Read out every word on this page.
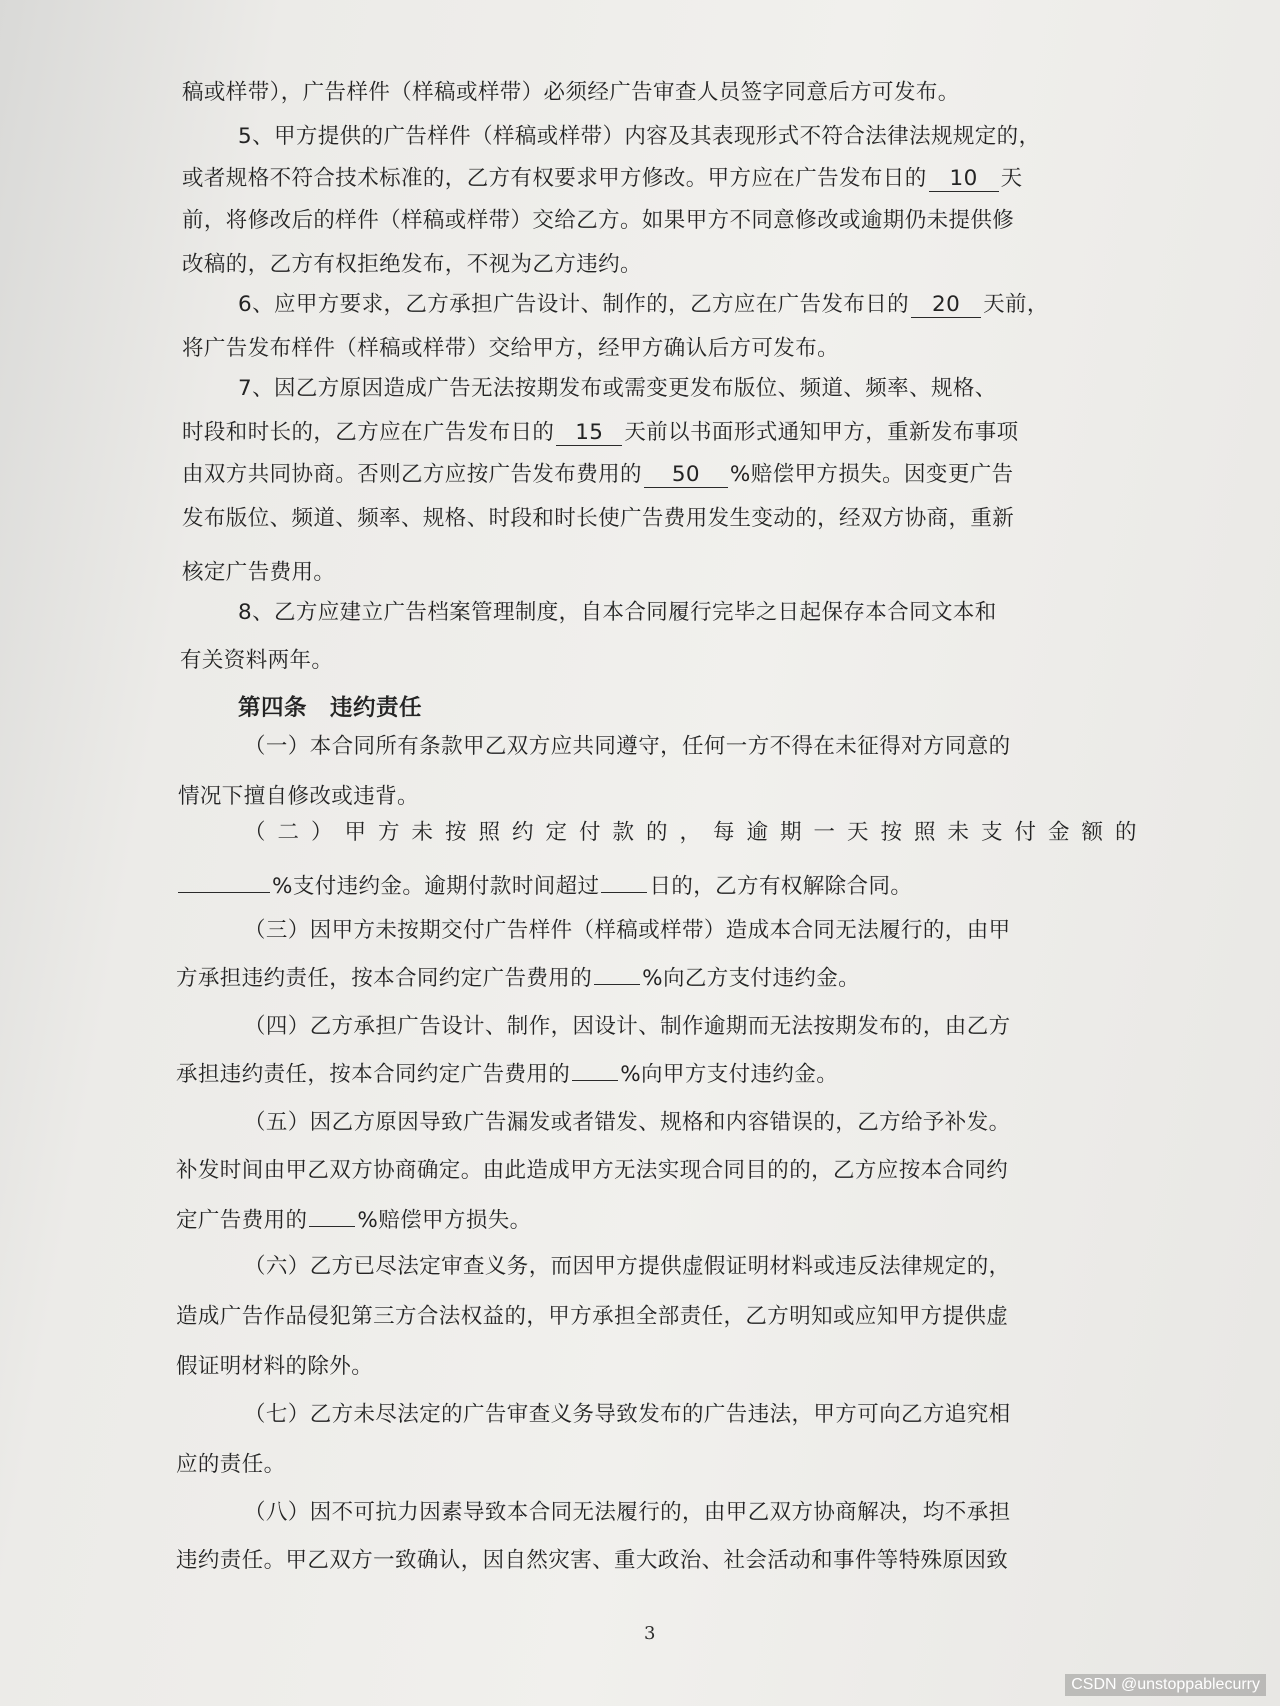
稿或样带），广告样件（样稿或样带）必须经广告审查人员签字同意后方可发布。
5、甲方提供的广告样件（样稿或样带）内容及其表现形式不符合法律法规规定的，
或者规格不符合技术标准的，乙方有权要求甲方修改。甲方应在广告发布日的 10 天
前，将修改后的样件（样稿或样带）交给乙方。如果甲方不同意修改或逾期仍未提供修
改稿的，乙方有权拒绝发布，不视为乙方违约。
6、应甲方要求，乙方承担广告设计、制作的，乙方应在广告发布日的 20 天前，
将广告发布样件（样稿或样带）交给甲方，经甲方确认后方可发布。
7、因乙方原因造成广告无法按期发布或需变更发布版位、频道、频率、规格、
时段和时长的，乙方应在广告发布日的 15 天前以书面形式通知甲方，重新发布事项
由双方共同协商。否则乙方应按广告发布费用的 50 %赔偿甲方损失。因变更广告
发布版位、频道、频率、规格、时段和时长使广告费用发生变动的，经双方协商，重新
核定广告费用。
8、乙方应建立广告档案管理制度，自本合同履行完毕之日起保存本合同文本和
有关资料两年。
第四条　违约责任
（一）本合同所有条款甲乙双方应共同遵守，任何一方不得在未征得对方同意的
情况下擅自修改或违背。
（二）甲方未按照约定付款的，每逾期一天按照未支付金额的
%支付违约金。逾期付款时间超过 日的，乙方有权解除合同。
（三）因甲方未按期交付广告样件（样稿或样带）造成本合同无法履行的，由甲
方承担违约责任，按本合同约定广告费用的 %向乙方支付违约金。
（四）乙方承担广告设计、制作，因设计、制作逾期而无法按期发布的，由乙方
承担违约责任，按本合同约定广告费用的 %向甲方支付违约金。
（五）因乙方原因导致广告漏发或者错发、规格和内容错误的，乙方给予补发。
补发时间由甲乙双方协商确定。由此造成甲方无法实现合同目的的，乙方应按本合同约
定广告费用的 %赔偿甲方损失。
（六）乙方已尽法定审查义务，而因甲方提供虚假证明材料或违反法律规定的，
造成广告作品侵犯第三方合法权益的，甲方承担全部责任，乙方明知或应知甲方提供虚
假证明材料的除外。
（七）乙方未尽法定的广告审查义务导致发布的广告违法，甲方可向乙方追究相
应的责任。
（八）因不可抗力因素导致本合同无法履行的，由甲乙双方协商解决，均不承担
违约责任。甲乙双方一致确认，因自然灾害、重大政治、社会活动和事件等特殊原因致
3
CSDN @unstoppablecurry
